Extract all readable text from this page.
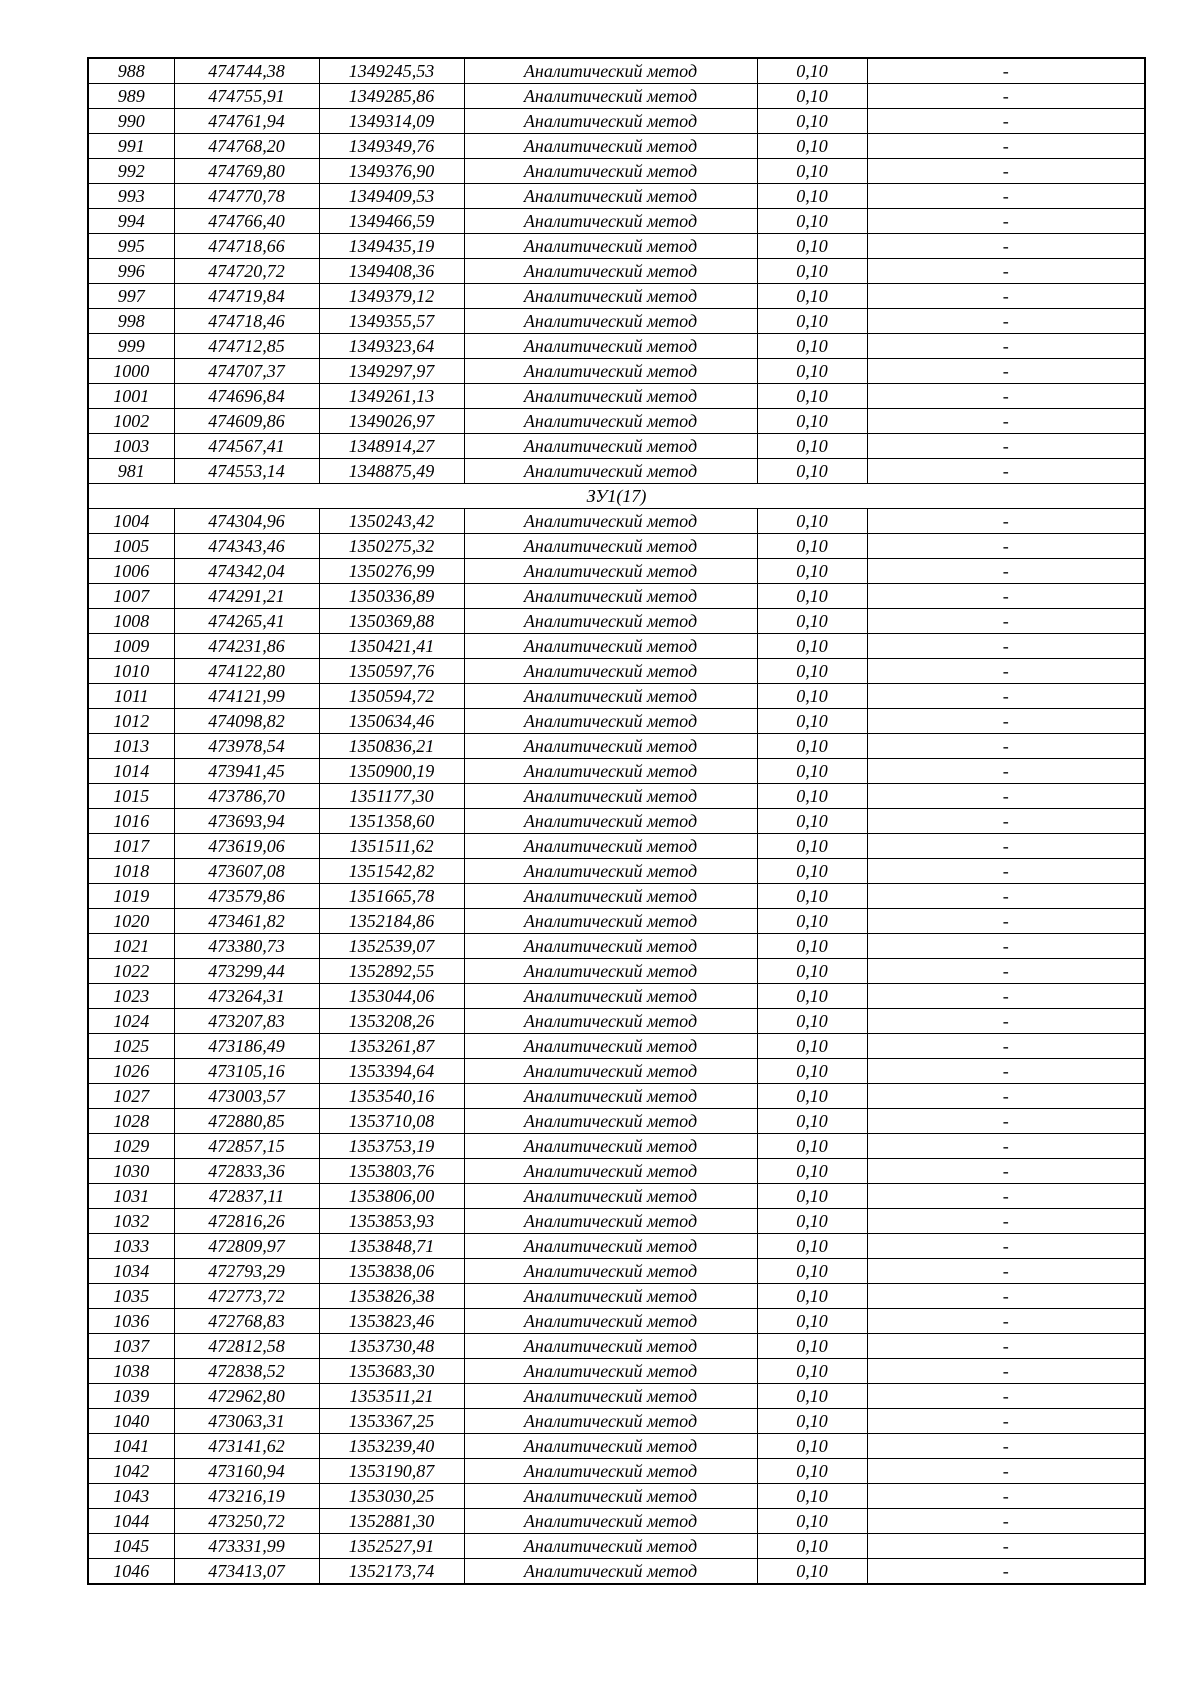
988	474744,38	1349245,53	Аналитический метод	0,10	-
989	474755,91	1349285,86	Аналитический метод	0,10	-
990	474761,94	1349314,09	Аналитический метод	0,10	-
991	474768,20	1349349,76	Аналитический метод	0,10	-
992	474769,80	1349376,90	Аналитический метод	0,10	-
993	474770,78	1349409,53	Аналитический метод	0,10	-
994	474766,40	1349466,59	Аналитический метод	0,10	-
995	474718,66	1349435,19	Аналитический метод	0,10	-
996	474720,72	1349408,36	Аналитический метод	0,10	-
997	474719,84	1349379,12	Аналитический метод	0,10	-
998	474718,46	1349355,57	Аналитический метод	0,10	-
999	474712,85	1349323,64	Аналитический метод	0,10	-
1000	474707,37	1349297,97	Аналитический метод	0,10	-
1001	474696,84	1349261,13	Аналитический метод	0,10	-
1002	474609,86	1349026,97	Аналитический метод	0,10	-
1003	474567,41	1348914,27	Аналитический метод	0,10	-
981	474553,14	1348875,49	Аналитический метод	0,10	-
ЗУ1(17)					
1004	474304,96	1350243,42	Аналитический метод	0,10	-
1005	474343,46	1350275,32	Аналитический метод	0,10	-
1006	474342,04	1350276,99	Аналитический метод	0,10	-
1007	474291,21	1350336,89	Аналитический метод	0,10	-
1008	474265,41	1350369,88	Аналитический метод	0,10	-
1009	474231,86	1350421,41	Аналитический метод	0,10	-
1010	474122,80	1350597,76	Аналитический метод	0,10	-
1011	474121,99	1350594,72	Аналитический метод	0,10	-
1012	474098,82	1350634,46	Аналитический метод	0,10	-
1013	473978,54	1350836,21	Аналитический метод	0,10	-
1014	473941,45	1350900,19	Аналитический метод	0,10	-
1015	473786,70	1351177,30	Аналитический метод	0,10	-
1016	473693,94	1351358,60	Аналитический метод	0,10	-
1017	473619,06	1351511,62	Аналитический метод	0,10	-
1018	473607,08	1351542,82	Аналитический метод	0,10	-
1019	473579,86	1351665,78	Аналитический метод	0,10	-
1020	473461,82	1352184,86	Аналитический метод	0,10	-
1021	473380,73	1352539,07	Аналитический метод	0,10	-
1022	473299,44	1352892,55	Аналитический метод	0,10	-
1023	473264,31	1353044,06	Аналитический метод	0,10	-
1024	473207,83	1353208,26	Аналитический метод	0,10	-
1025	473186,49	1353261,87	Аналитический метод	0,10	-
1026	473105,16	1353394,64	Аналитический метод	0,10	-
1027	473003,57	1353540,16	Аналитический метод	0,10	-
1028	472880,85	1353710,08	Аналитический метод	0,10	-
1029	472857,15	1353753,19	Аналитический метод	0,10	-
1030	472833,36	1353803,76	Аналитический метод	0,10	-
1031	472837,11	1353806,00	Аналитический метод	0,10	-
1032	472816,26	1353853,93	Аналитический метод	0,10	-
1033	472809,97	1353848,71	Аналитический метод	0,10	-
1034	472793,29	1353838,06	Аналитический метод	0,10	-
1035	472773,72	1353826,38	Аналитический метод	0,10	-
1036	472768,83	1353823,46	Аналитический метод	0,10	-
1037	472812,58	1353730,48	Аналитический метод	0,10	-
1038	472838,52	1353683,30	Аналитический метод	0,10	-
1039	472962,80	1353511,21	Аналитический метод	0,10	-
1040	473063,31	1353367,25	Аналитический метод	0,10	-
1041	473141,62	1353239,40	Аналитический метод	0,10	-
1042	473160,94	1353190,87	Аналитический метод	0,10	-
1043	473216,19	1353030,25	Аналитический метод	0,10	-
1044	473250,72	1352881,30	Аналитический метод	0,10	-
1045	473331,99	1352527,91	Аналитический метод	0,10	-
1046	473413,07	1352173,74	Аналитический метод	0,10	-
